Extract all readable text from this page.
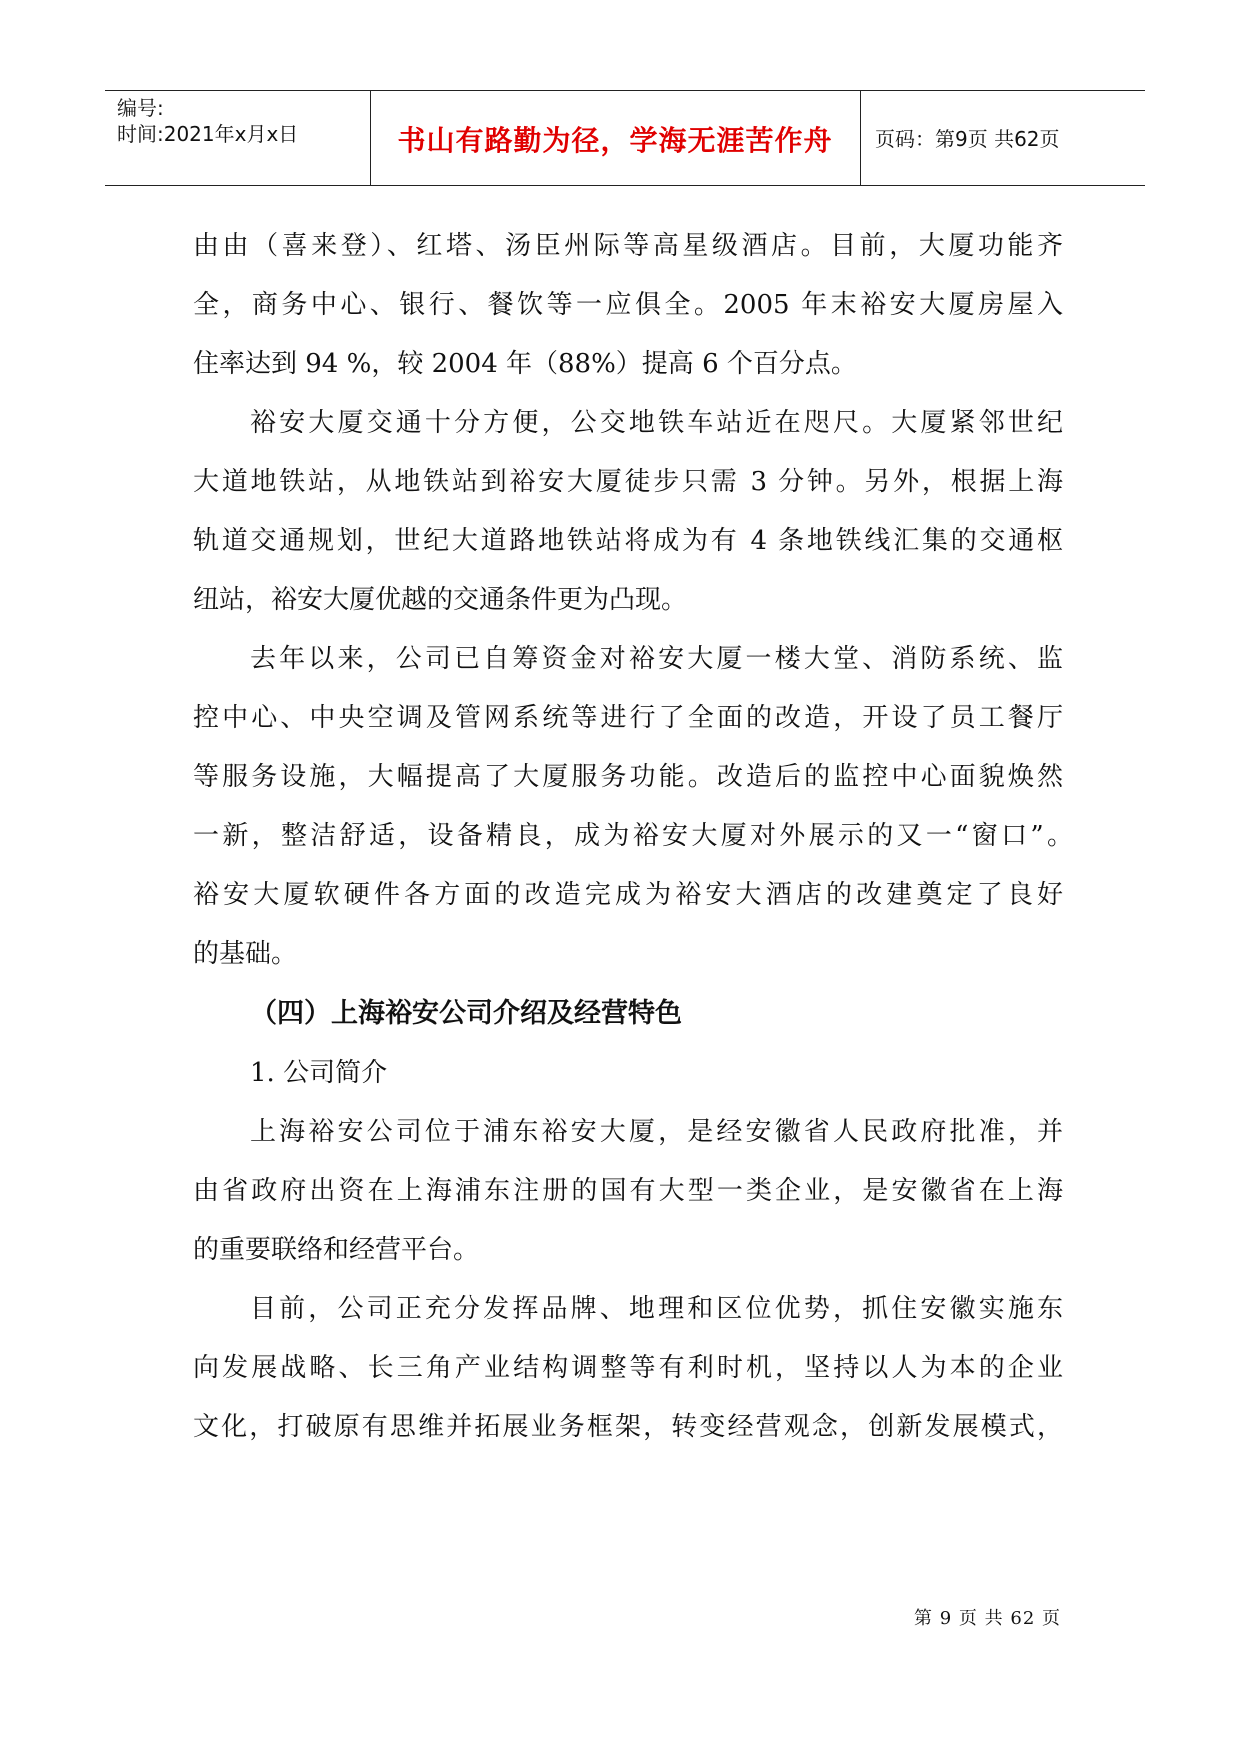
编号:
时间:2021年x月x日	书山有路勤为径，学海无涯苦作舟	页码：第9页 共62页
由由（喜来登）、红塔、汤臣州际等高星级酒店。目前，大厦功能齐
全，商务中心、银行、餐饮等一应俱全。2005 年末裕安大厦房屋入
住率达到 94 %，较 2004 年（88%）提高 6 个百分点。
裕安大厦交通十分方便，公交地铁车站近在咫尺。大厦紧邻世纪
大道地铁站，从地铁站到裕安大厦徒步只需 3 分钟。另外，根据上海
轨道交通规划，世纪大道路地铁站将成为有 4 条地铁线汇集的交通枢
纽站，裕安大厦优越的交通条件更为凸现。
去年以来，公司已自筹资金对裕安大厦一楼大堂、消防系统、监
控中心、中央空调及管网系统等进行了全面的改造，开设了员工餐厅
等服务设施，大幅提高了大厦服务功能。改造后的监控中心面貌焕然
一新，整洁舒适，设备精良，成为裕安大厦对外展示的又一“窗口”。
裕安大厦软硬件各方面的改造完成为裕安大酒店的改建奠定了良好
的基础。
（四）上海裕安公司介绍及经营特色
1. 公司简介
上海裕安公司位于浦东裕安大厦，是经安徽省人民政府批准，并
由省政府出资在上海浦东注册的国有大型一类企业，是安徽省在上海
的重要联络和经营平台。
目前，公司正充分发挥品牌、地理和区位优势，抓住安徽实施东
向发展战略、长三角产业结构调整等有利时机，坚持以人为本的企业
文化，打破原有思维并拓展业务框架，转变经营观念，创新发展模式，
第 9 页 共 62 页
